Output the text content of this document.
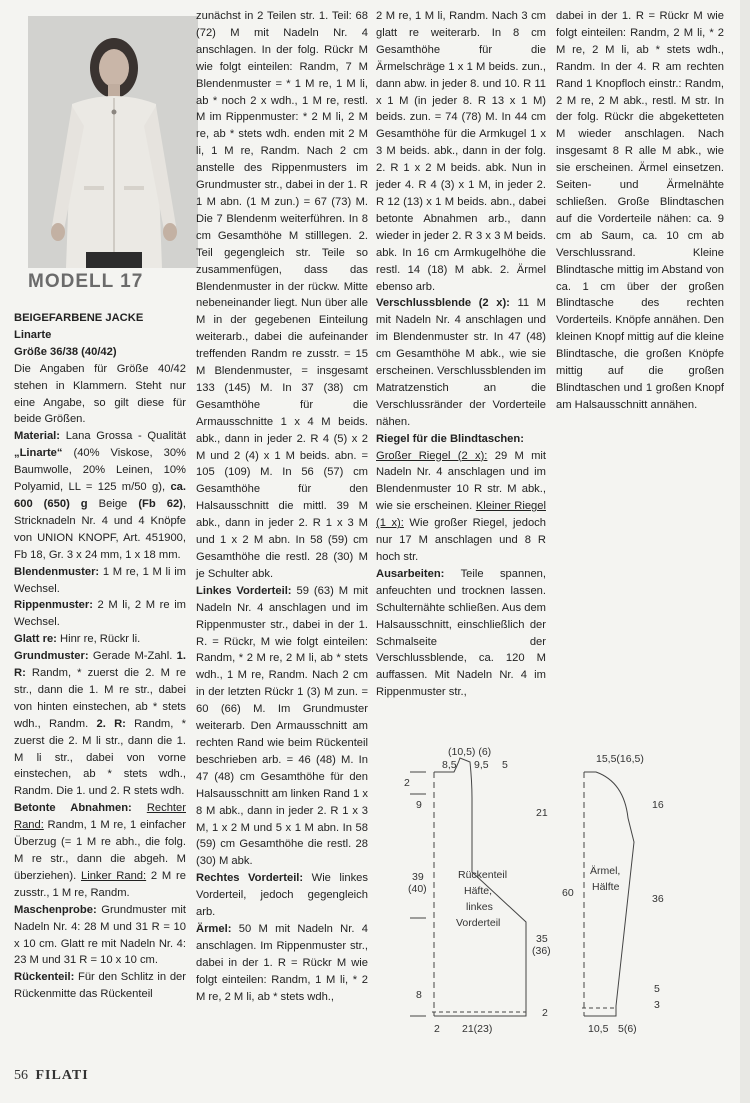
MODELL 17

BEIGEFARBENE JACKE

Linarte

Größe 36/38 (40/42)

Die Angaben für Größe 40/42 stehen in Klammern. Steht nur eine Angabe, so gilt diese für beide Größen.

Material: Lana Grossa - Qualität „Linarte“ (40% Viskose, 30% Baumwolle, 20% Leinen, 10% Polyamid, LL = 125 m/50 g), ca. 600 (650) g Beige (Fb 62), Stricknadeln Nr. 4 und 4 Knöpfe von UNION KNOPF, Art. 451900, Fb 18, Gr. 3 x 24 mm, 1 x 18 mm.

Blendenmuster: 1 M re, 1 M li im Wechsel.

Rippenmuster: 2 M li, 2 M re im Wechsel.

Glatt re: Hinr re, Rückr li.

Grundmuster: Gerade M-Zahl. 1. R: Randm, * zuerst die 2. M re str., dann die 1. M re str., dabei von hinten einstechen, ab * stets wdh., Randm. 2. R: Randm, * zuerst die 2. M li str., dann die 1. M li str., dabei von vorne einstechen, ab * stets wdh., Randm. Die 1. und 2. R stets wdh.

Betonte Abnahmen: Rechter Rand: Randm, 1 M re, 1 einfacher Überzug (= 1 M re abh., die folg. M re str., dann die abgeh. M überziehen). Linker Rand: 2 M re zusstr., 1 M re, Randm.

Maschenprobe: Grundmuster mit Nadeln Nr. 4: 28 M und 31 R = 10 x 10 cm. Glatt re mit Nadeln Nr. 4: 23 M und 31 R = 10 x 10 cm.

Rückenteil: Für den Schlitz in der Rückenmitte das Rückenteil

zunächst in 2 Teilen str. 1. Teil: 68 (72) M mit Nadeln Nr. 4 anschlagen. In der folg. Rückr M wie folgt einteilen: Randm, 7 M Blendenmuster = * 1 M re, 1 M li, ab * noch 2 x wdh., 1 M re, restl. M im Rippenmuster: * 2 M li, 2 M re, ab * stets wdh. enden mit 2 M li, 1 M re, Randm. Nach 2 cm anstelle des Rippenmusters im Grundmuster str., dabei in der 1. R 1 M abn. (1 M zun.) = 67 (73) M. Die 7 Blendenm weiterführen. In 8 cm Gesamthöhe M stilllegen. 2. Teil gegengleich str. Teile so zusammenfügen, dass das Blendenmuster in der rückw. Mitte nebeneinander liegt. Nun über alle M in der gegebenen Einteilung weiterarb., dabei die aufeinander treffenden Randm re zusstr. = 15 M Blendenmuster, = insgesamt 133 (145) M. In 37 (38) cm Gesamthöhe für die Armausschnitte 1 x 4 M beids. abk., dann in jeder 2. R 4 (5) x 2 M und 2 (4) x 1 M beids. abn. = 105 (109) M. In 56 (57) cm Gesamthöhe für den Halsausschnitt die mittl. 39 M abk., dann in jeder 2. R 1 x 3 M und 1 x 2 M abn. In 58 (59) cm Gesamthöhe die restl. 28 (30) M je Schulter abk.

Linkes Vorderteil: 59 (63) M mit Nadeln Nr. 4 anschlagen und im Rippenmuster str., dabei in der 1. R. = Rückr, M wie folgt einteilen: Randm, * 2 M re, 2 M li, ab * stets wdh., 1 M re, Randm. Nach 2 cm in der letzten Rückr 1 (3) M zun. = 60 (66) M. Im Grundmuster weiterarb. Den Armausschnitt am rechten Rand wie beim Rückenteil beschrieben arb. = 46 (48) M. In 47 (48) cm Gesamthöhe für den Halsausschnitt am linken Rand 1 x 8 M abk., dann in jeder 2. R 1 x 3 M, 1 x 2 M und 5 x 1 M abn. In 58 (59) cm Gesamthöhe die restl. 28 (30) M abk.

Rechtes Vorderteil: Wie linkes Vorderteil, jedoch gegengleich arb.

Ärmel: 50 M mit Nadeln Nr. 4 anschlagen. Im Rippenmuster str., dabei in der 1. R = Rückr M wie folgt einteilen: Randm, 1 M li, * 2 M re, 2 M li, ab * stets wdh.,

2 M re, 1 M li, Randm. Nach 3 cm glatt re weiterarb. In 8 cm Gesamthöhe für die Ärmelschräge 1 x 1 M beids. zun., dann abw. in jeder 8. und 10. R 11 x 1 M (in jeder 8. R 13 x 1 M) beids. zun. = 74 (78) M. In 44 cm Gesamthöhe für die Armkugel 1 x 3 M beids. abk., dann in der folg. 2. R 1 x 2 M beids. abk. Nun in jeder 4. R 4 (3) x 1 M, in jeder 2. R 12 (13) x 1 M beids. abn., dabei betonte Abnahmen arb., dann wieder in jeder 2. R 3 x 3 M beids. abk. In 16 cm Armkugelhöhe die restl. 14 (18) M abk. 2. Ärmel ebenso arb.

Verschlussblende (2 x): 11 M mit Nadeln Nr. 4 anschlagen und im Blendenmuster str. In 47 (48) cm Gesamthöhe M abk., wie sie erscheinen. Verschlussblenden im Matratzenstich an die Verschlussränder der Vorderteile nähen.

Riegel für die Blindtaschen:

Großer Riegel (2 x): 29 M mit Nadeln Nr. 4 anschlagen und im Blendenmuster 10 R str. M abk., wie sie erscheinen. Kleiner Riegel (1 x): Wie großer Riegel, jedoch nur 17 M anschlagen und 8 R hoch str.

Ausarbeiten: Teile spannen, anfeuchten und trocknen lassen. Schulternähte schließen. Aus dem Halsausschnitt, einschließlich der Schmalseite der Verschlussblende, ca. 120 M auffassen. Mit Nadeln Nr. 4 im Rippenmuster str.,

dabei in der 1. R = Rückr M wie folgt einteilen: Randm, 2 M li, * 2 M re, 2 M li, ab * stets wdh., Randm. In der 4. R am rechten Rand 1 Knopfloch einstr.: Randm, 2 M re, 2 M abk., restl. M str. In der folg. Rückr die abgeketteten M wieder anschlagen. Nach insgesamt 8 R alle M abk., wie sie erscheinen. Ärmel einsetzen. Seiten- und Ärmelnähte schließen. Große Blindtaschen auf die Vorderteile nähen: ca. 9 cm ab Saum, ca. 10 cm ab Verschlussrand. Kleine Blindtasche mittig im Abstand von ca. 1 cm über der großen Blindtasche des rechten Vorderteils. Knöpfe annähen. Den kleinen Knopf mittig auf die kleine Blindtasche, die großen Knöpfe mittig auf die großen Blindtaschen und 1 großen Knopf am Halsausschnitt annähen.

(10,5) (6)
8,5 9,5 5
2
9
21
39
(40)
Rückenteil
Häfte,
linkes
Vorderteil
35
(36)
8
2
2 21(23)
15,5(16,5)
16
60
Ärmel,
Hälfte
36
5
3
10,5 5(6)
56 FILATI
